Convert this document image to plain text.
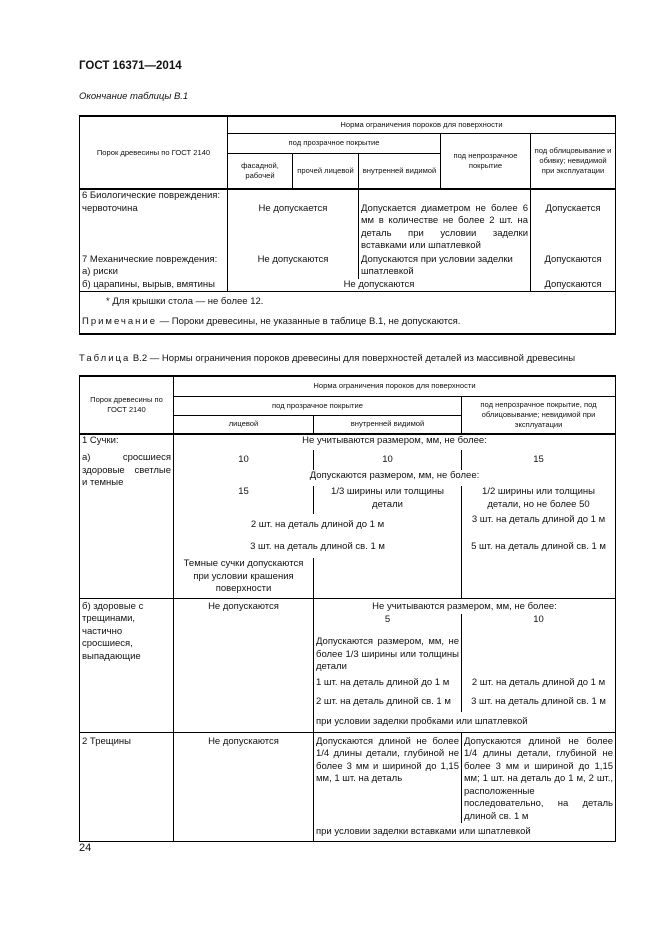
ГОСТ 16371—2014
Окончание таблицы В.1
Порок древесины по ГОСТ 2140	Норма ограничения пороков для поверхности				
	под прозрачное покрытие			под непрозрачное покрытие	под облицовывание и обивку; невидимой при эксплуатации
	фасадной, рабочей	прочей лицевой	внутренней видимой		
6 Биологические повреждения:					
червоточина	Не допускается		Допускается диаметром не более 6 мм в количестве не более 2 шт. на деталь при условии заделки вставками или шпатлевкой		Допускается
7 Механические повреждения:	Не допускаются		Допускаются при условии заделки шпатлевкой		Допускаются
а) риски					
б) царапины, вырыв, вмятины	Не допускаются				Допускаются
* Для крышки стола — не более 12.					
Примечание — Пороки древесины, не указанные в таблице В.1, не допускаются.					
Таблица В.2 — Нормы ограничения пороков древесины для поверхностей деталей из массивной древесины
Порок древесины по ГОСТ 2140	Норма ограничения пороков для поверхности		
	под прозрачное покрытие		под непрозрачное покрытие, под облицовывание; невидимой при эксплуатации
	лицевой	внутренней видимой	
1 Сучки:	Не учитываются размером, мм, не более:		
а) сросшиеся здоровые светлые и темные	10	10	15
	Допускаются размером, мм, не более:		
	15	1/3 ширины или толщины детали	1/2 ширины или толщины детали, но не более 50
	2 шт. на деталь длиной до 1 м		3 шт. на деталь длиной до 1 м
	3 шт. на деталь длиной св. 1 м		5 шт. на деталь длиной св. 1 м
	Темные сучки допускаются при условии крашения поверхности		
б) здоровые с трещинами, частично сросшиеся, выпадающие	Не допускаются	Не учитываются размером, мм, не более:	
		5	10
		Допускаются размером, мм, не более 1/3 ширины или толщины детали	
		1 шт. на деталь длиной до 1 м	2 шт. на деталь длиной до 1 м
		2 шт. на деталь длиной св. 1 м	3 шт. на деталь длиной св. 1 м
		при условии заделки пробками или шпатлевкой	
2 Трещины	Не допускаются	Допускаются длиной не более 1/4 длины детали, глубиной не более 3 мм и шириной до 1,15 мм, 1 шт. на деталь	Допускаются длиной не более 1/4 длины детали, глубиной не более 3 мм и шириной до 1,15 мм; 1 шт. на деталь до 1 м, 2 шт., расположенные последовательно, на деталь длиной св. 1 м
		при условии заделки вставками или шпатлевкой	
24
